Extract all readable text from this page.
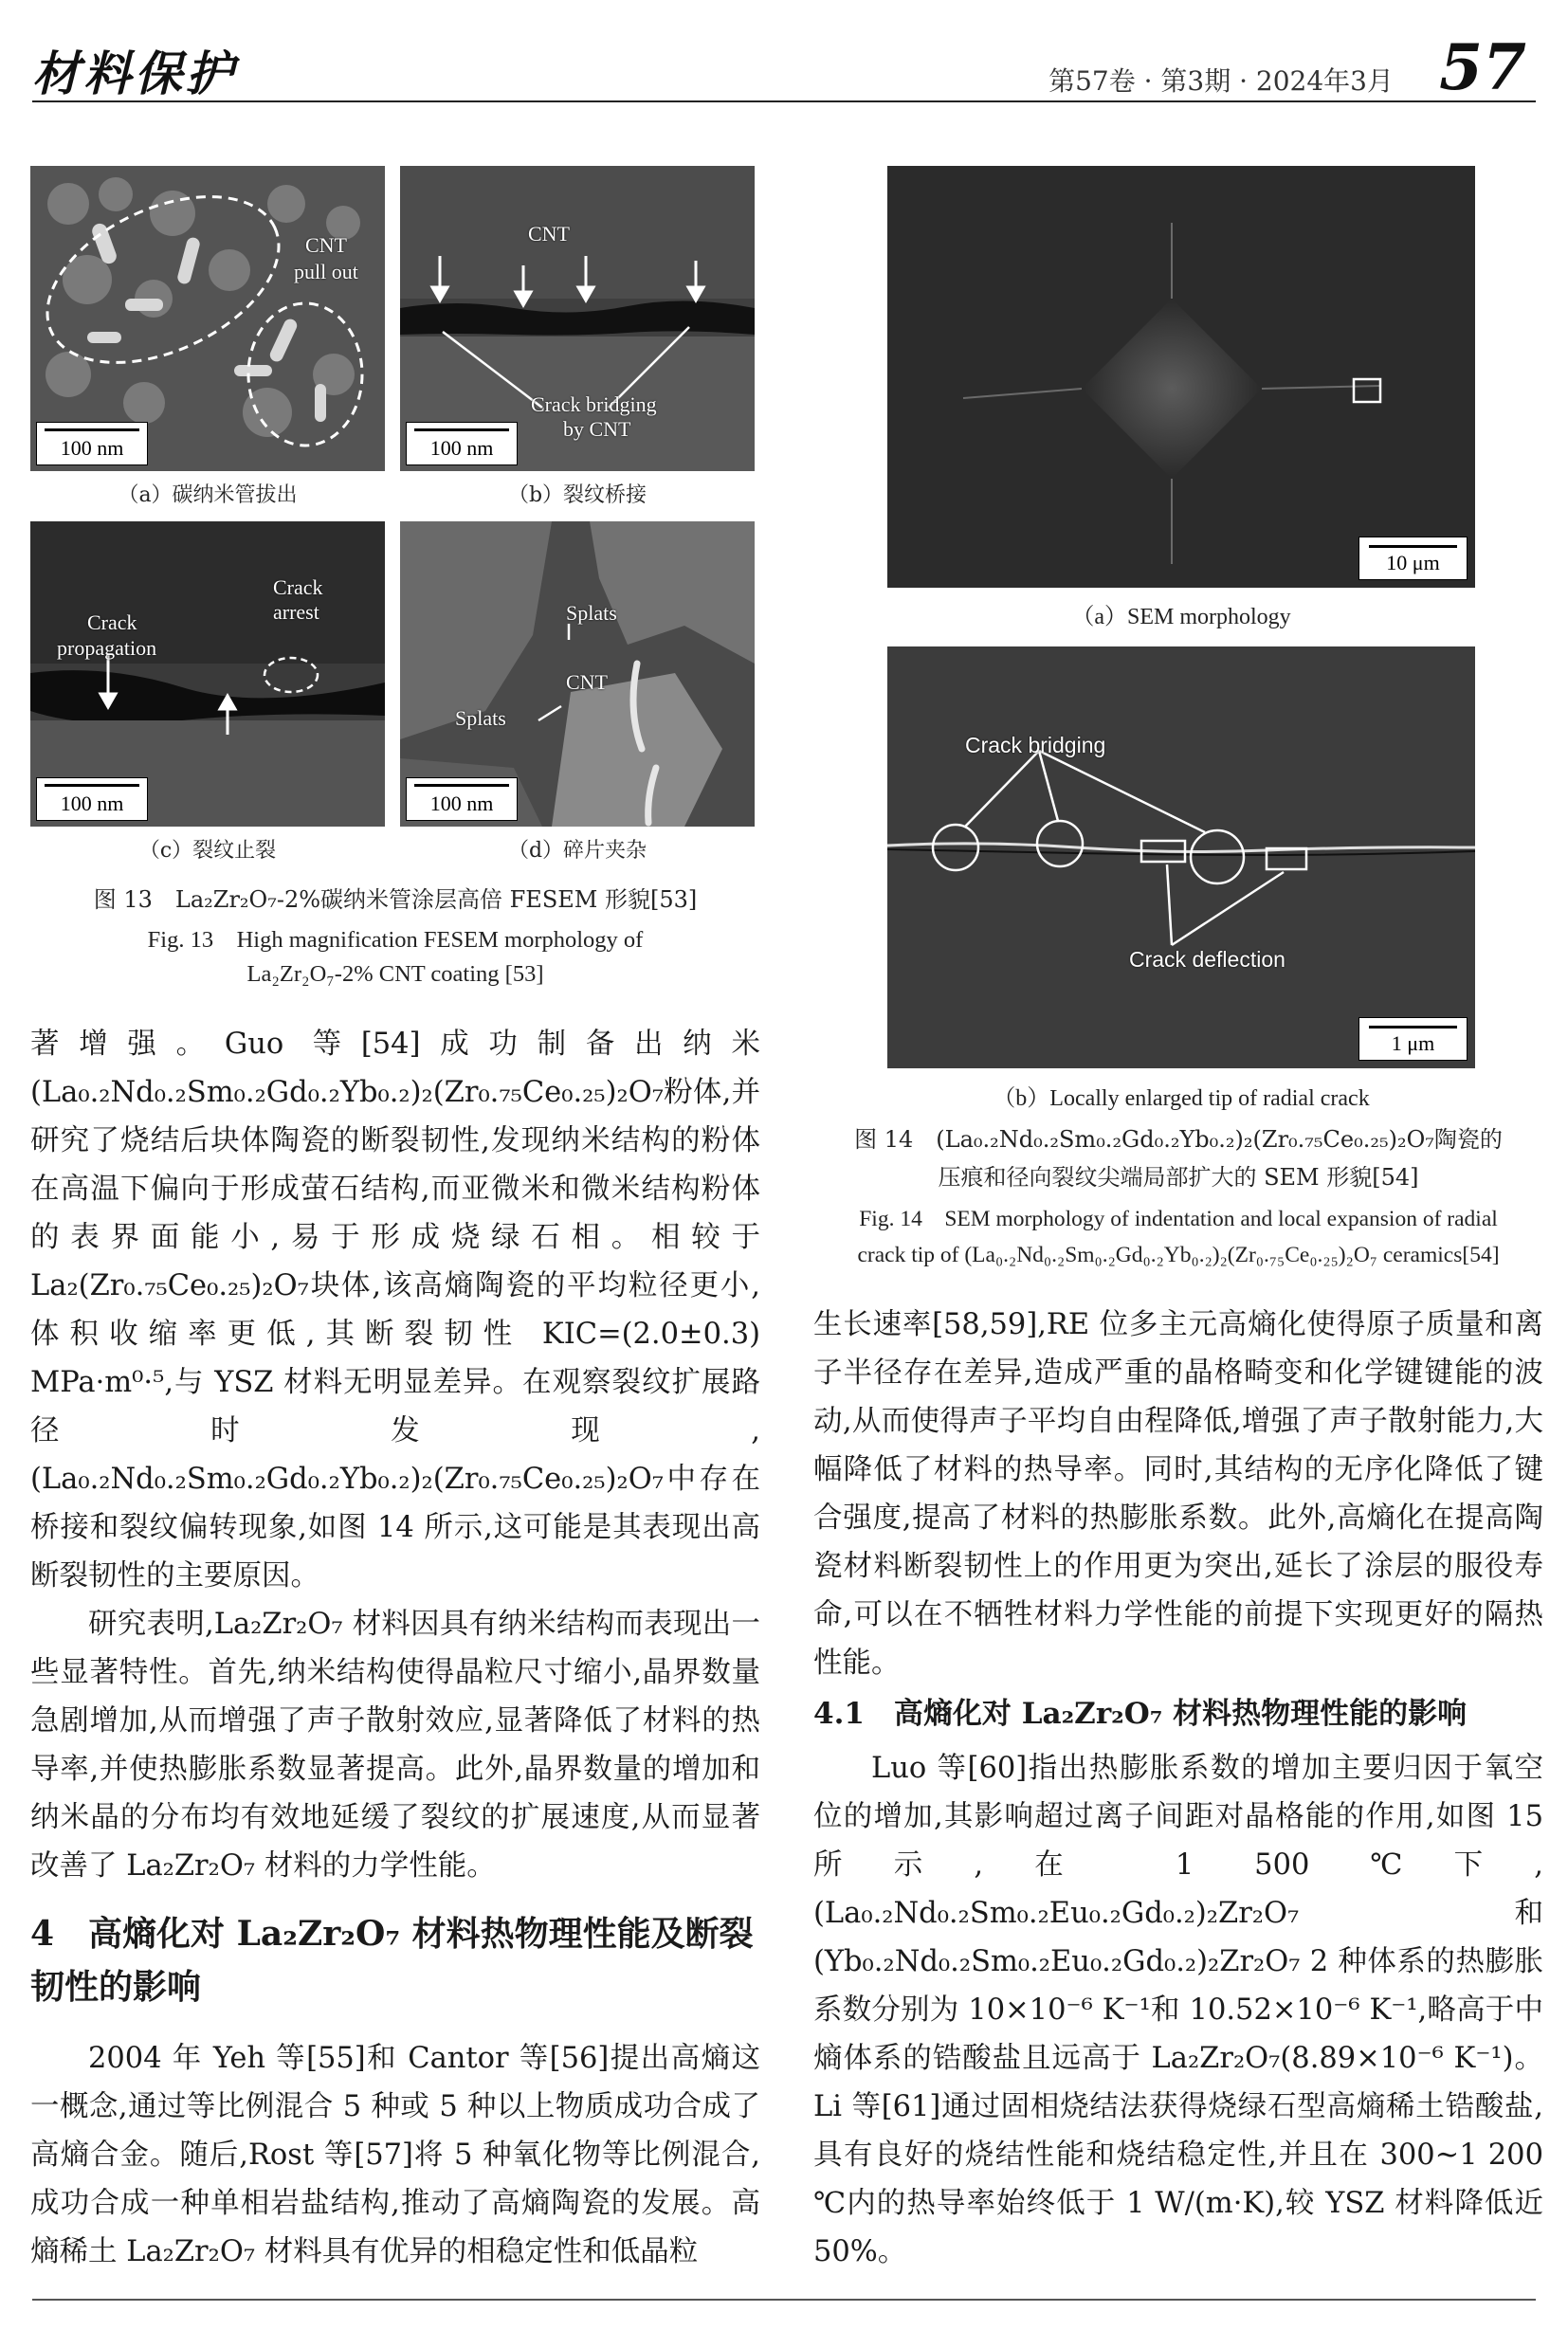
材料保护	第57卷 · 第3期 · 2024年3月 57
CNT
pull out
100 nm
（a）碳纳米管拔出
CNT
Crack bridging
by CNT
100 nm
（b）裂纹桥接
Crack
propagation
Crack
arrest
100 nm
（c）裂纹止裂
Splats
CNT
Splats
100 nm
（d）碎片夹杂
图 13　La₂Zr₂O₇-2%碳纳米管涂层高倍 FESEM 形貌[53]
Fig. 13　High magnification FESEM morphology of
La₂Zr₂O₇-2% CNT coating [53]

著增强。Guo 等[54]成功制备出纳米(La₀.₂Nd₀.₂Sm₀.₂Gd₀.₂Yb₀.₂)₂(Zr₀.₇₅Ce₀.₂₅)₂O₇粉体,并研究了烧结后块体陶瓷的断裂韧性,发现纳米结构的粉体在高温下偏向于形成萤石结构,而亚微米和微米结构粉体的表界面能小,易于形成烧绿石相。相较于 La₂(Zr₀.₇₅Ce₀.₂₅)₂O₇块体,该高熵陶瓷的平均粒径更小,体积收缩率更低,其断裂韧性 KIC=(2.0±0.3) MPa·m⁰·⁵,与 YSZ 材料无明显差异。在观察裂纹扩展路径时发现,(La₀.₂Nd₀.₂Sm₀.₂Gd₀.₂Yb₀.₂)₂(Zr₀.₇₅Ce₀.₂₅)₂O₇中存在桥接和裂纹偏转现象,如图 14 所示,这可能是其表现出高断裂韧性的主要原因。

研究表明,La₂Zr₂O₇ 材料因具有纳米结构而表现出一些显著特性。首先,纳米结构使得晶粒尺寸缩小,晶界数量急剧增加,从而增强了声子散射效应,显著降低了材料的热导率,并使热膨胀系数显著提高。此外,晶界数量的增加和纳米晶的分布均有效地延缓了裂纹的扩展速度,从而显著改善了 La₂Zr₂O₇ 材料的力学性能。

4　高熵化对 La₂Zr₂O₇ 材料热物理性能及断裂韧性的影响

2004 年 Yeh 等[55]和 Cantor 等[56]提出高熵这一概念,通过等比例混合 5 种或 5 种以上物质成功合成了高熵合金。随后,Rost 等[57]将 5 种氧化物等比例混合,成功合成一种单相岩盐结构,推动了高熵陶瓷的发展。高熵稀土 La₂Zr₂O₇ 材料具有优异的相稳定性和低晶粒

10 μm
（a）SEM morphology
Crack bridging
Crack deflection
1 μm
（b）Locally enlarged tip of radial crack
图 14　(La₀.₂Nd₀.₂Sm₀.₂Gd₀.₂Yb₀.₂)₂(Zr₀.₇₅Ce₀.₂₅)₂O₇陶瓷的
压痕和径向裂纹尖端局部扩大的 SEM 形貌[54]
Fig. 14　SEM morphology of indentation and local expansion of radial
crack tip of (La₀.₂Nd₀.₂Sm₀.₂Gd₀.₂Yb₀.₂)₂(Zr₀.₇₅Ce₀.₂₅)₂O₇ ceramics[54]

生长速率[58,59],RE 位多主元高熵化使得原子质量和离子半径存在差异,造成严重的晶格畸变和化学键键能的波动,从而使得声子平均自由程降低,增强了声子散射能力,大幅降低了材料的热导率。同时,其结构的无序化降低了键合强度,提高了材料的热膨胀系数。此外,高熵化在提高陶瓷材料断裂韧性上的作用更为突出,延长了涂层的服役寿命,可以在不牺牲材料力学性能的前提下实现更好的隔热性能。

4.1　高熵化对 La₂Zr₂O₇ 材料热物理性能的影响

Luo 等[60]指出热膨胀系数的增加主要归因于氧空位的增加,其影响超过离子间距对晶格能的作用,如图 15 所示,在 1 500 ℃下,(La₀.₂Nd₀.₂Sm₀.₂Eu₀.₂Gd₀.₂)₂Zr₂O₇和(Yb₀.₂Nd₀.₂Sm₀.₂Eu₀.₂Gd₀.₂)₂Zr₂O₇ 2 种体系的热膨胀系数分别为 10×10⁻⁶ K⁻¹和 10.52×10⁻⁶ K⁻¹,略高于中熵体系的锆酸盐且远高于 La₂Zr₂O₇(8.89×10⁻⁶ K⁻¹)。Li 等[61]通过固相烧结法获得烧绿石型高熵稀土锆酸盐,具有良好的烧结性能和烧结稳定性,并且在 300~1 200 ℃内的热导率始终低于 1 W/(m·K),较 YSZ 材料降低近 50%。
